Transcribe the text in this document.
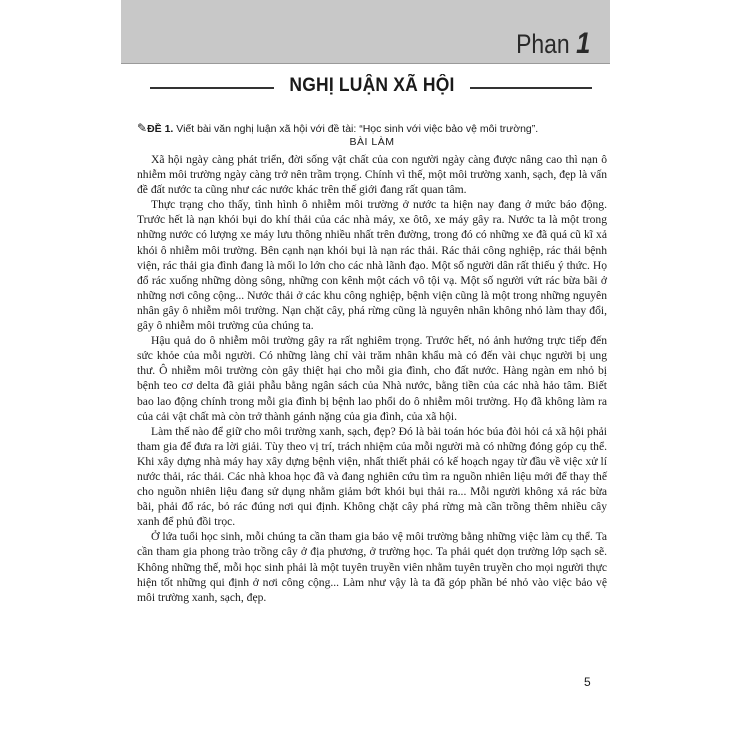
Phan 1
NGHỊ LUẬN XÃ HỘI
✎ĐỀ 1. Viết bài văn nghị luận xã hội với đề tài: “Học sinh với việc bảo vệ môi trường”.
BÀI LÀM

Xã hội ngày càng phát triển, đời sống vật chất của con người ngày càng được nâng cao thì nạn ô nhiễm môi trường ngày càng trở nên trầm trọng. Chính vì thế, một môi trường xanh, sạch, đẹp là vấn đề đất nước ta cũng như các nước khác trên thế giới đang rất quan tâm.

Thực trạng cho thấy, tình hình ô nhiễm môi trường ở nước ta hiện nay đang ở mức báo động. Trước hết là nạn khói bụi do khí thải của các nhà máy, xe ôtô, xe máy gây ra. Nước ta là một trong những nước có lượng xe máy lưu thông nhiều nhất trên đường, trong đó có những xe đã quá cũ kĩ xả khói ô nhiễm môi trường. Bên cạnh nạn khói bụi là nạn rác thải. Rác thải công nghiệp, rác thải bệnh viện, rác thải gia đình đang là mối lo lớn cho các nhà lãnh đạo. Một số người dân rất thiếu ý thức. Họ đổ rác xuống những dòng sông, những con kênh một cách vô tội vạ. Một số người vứt rác bừa bãi ở những nơi công cộng... Nước thải ở các khu công nghiệp, bệnh viện cũng là một trong những nguyên nhân gây ô nhiễm môi trường. Nạn chặt cây, phá rừng cũng là nguyên nhân không nhỏ làm thay đổi, gây ô nhiễm môi trường của chúng ta.

Hậu quả do ô nhiễm môi trường gây ra rất nghiêm trọng. Trước hết, nó ảnh hưởng trực tiếp đến sức khỏe của mỗi người. Có những làng chỉ vài trăm nhân khẩu mà có đến vài chục người bị ung thư. Ô nhiễm môi trường còn gây thiệt hại cho mỗi gia đình, cho đất nước. Hàng ngàn em nhỏ bị bệnh teo cơ delta đã giải phẫu bằng ngân sách của Nhà nước, bằng tiền của các nhà hảo tâm. Biết bao lao động chính trong mỗi gia đình bị bệnh lao phổi do ô nhiễm môi trường. Họ đã không làm ra của cải vật chất mà còn trở thành gánh nặng của gia đình, của xã hội.

Làm thế nào để giữ cho môi trường xanh, sạch, đẹp? Đó là bài toán hóc búa đòi hỏi cả xã hội phải tham gia để đưa ra lời giải. Tùy theo vị trí, trách nhiệm của mỗi người mà có những đóng góp cụ thể. Khi xây dựng nhà máy hay xây dựng bệnh viện, nhất thiết phải có kế hoạch ngay từ đầu về việc xử lí nước thải, rác thải. Các nhà khoa học đã và đang nghiên cứu tìm ra nguồn nhiên liệu mới để thay thế cho nguồn nhiên liệu đang sử dụng nhằm giảm bớt khói bụi thải ra... Mỗi người không xả rác bừa bãi, phải đổ rác, bỏ rác đúng nơi qui định. Không chặt cây phá rừng mà cần trồng thêm nhiều cây xanh để phủ đồi trọc.

Ở lứa tuổi học sinh, mỗi chúng ta cần tham gia bảo vệ môi trường bằng những việc làm cụ thể. Ta cần tham gia phong trào trồng cây ở địa phương, ở trường học. Ta phải quét dọn trường lớp sạch sẽ. Không những thế, mỗi học sinh phải là một tuyên truyền viên nhằm tuyên truyền cho mọi người thực hiện tốt những qui định ở nơi công cộng... Làm như vậy là ta đã góp phần bé nhỏ vào việc bảo vệ môi trường xanh, sạch, đẹp.

5
